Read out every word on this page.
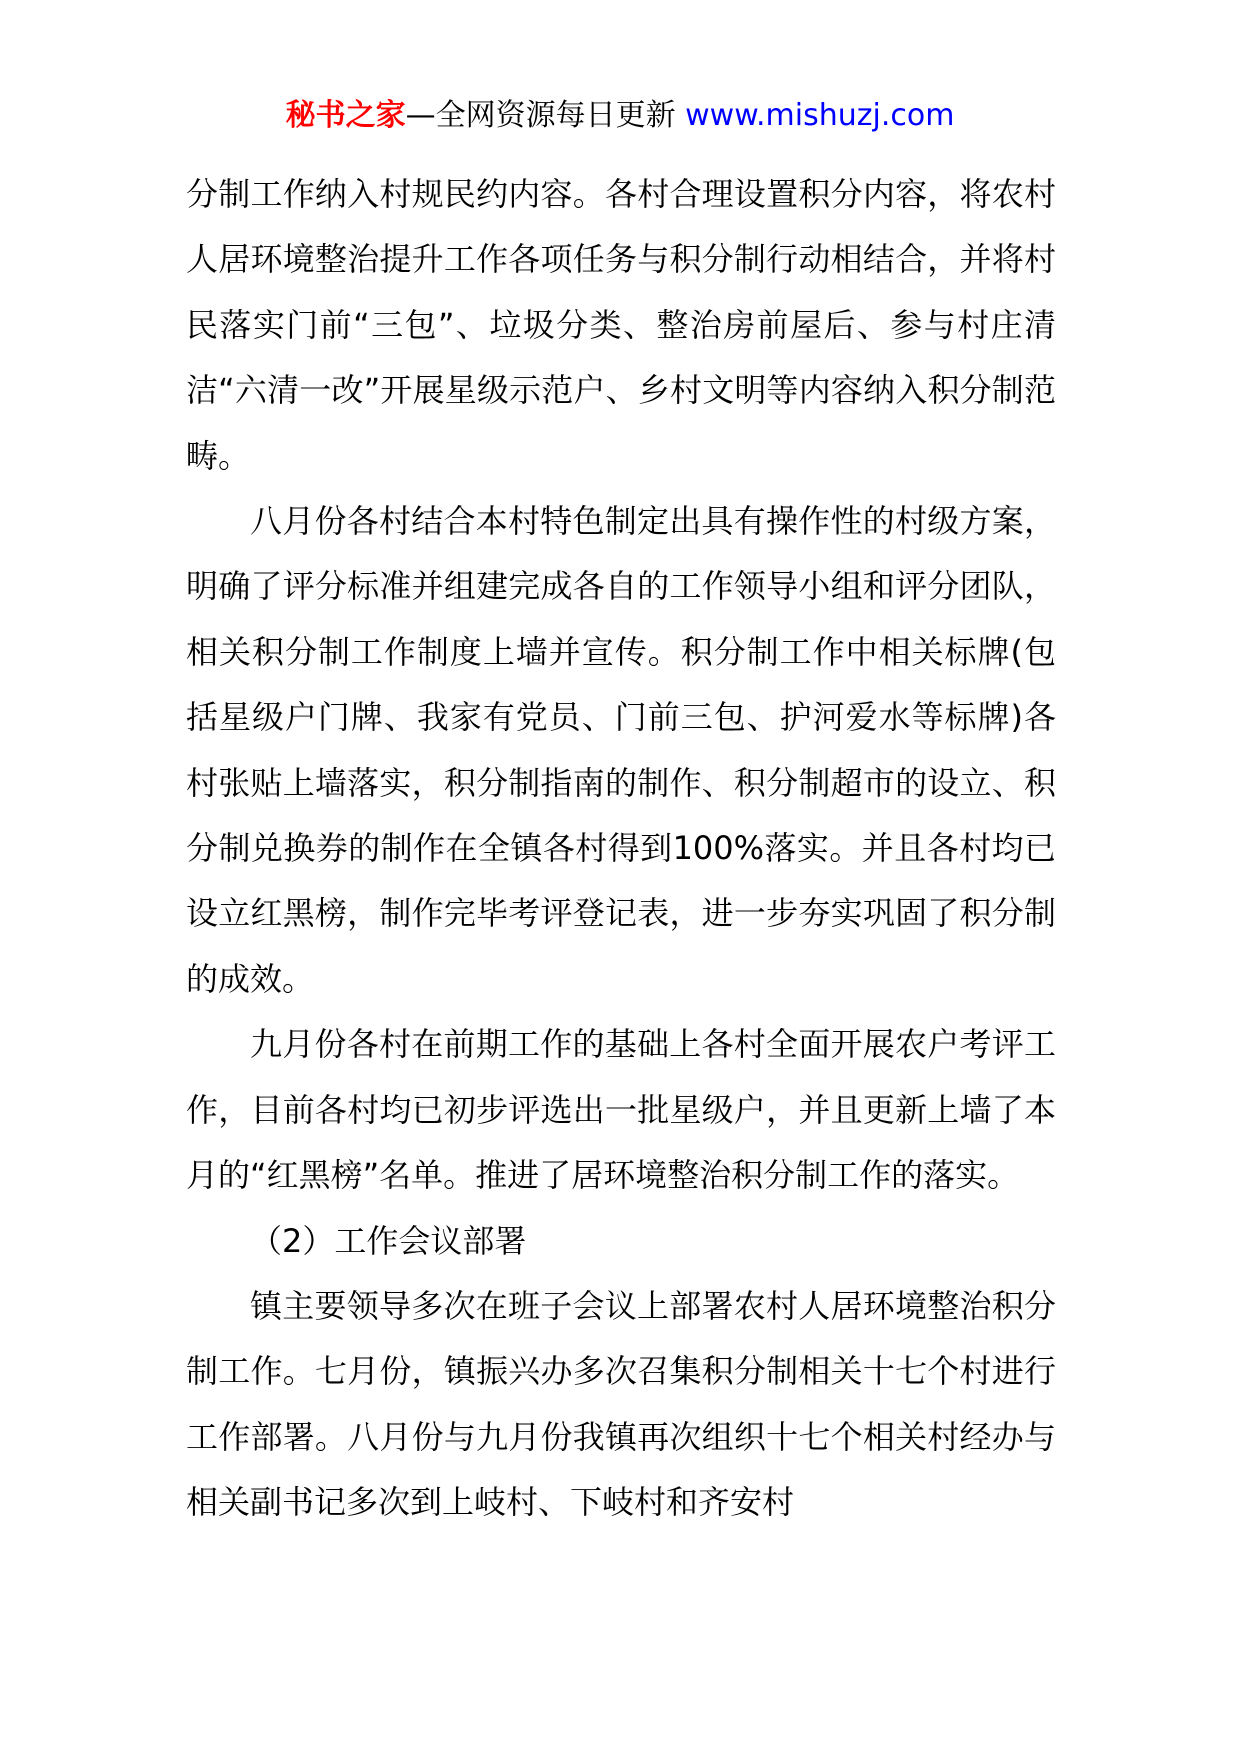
秘书之家—全网资源每日更新 www.mishuzj.com

分制工作纳入村规民约内容。各村合理设置积分内容，将农村人居环境整治提升工作各项任务与积分制行动相结合，并将村民落实门前“三包”、垃圾分类、整治房前屋后、参与村庄清洁“六清一改”开展星级示范户、乡村文明等内容纳入积分制范畴。

八月份各村结合本村特色制定出具有操作性的村级方案，明确了评分标准并组建完成各自的工作领导小组和评分团队，相关积分制工作制度上墙并宣传。积分制工作中相关标牌(包括星级户门牌、我家有党员、门前三包、护河爱水等标牌)各村张贴上墙落实，积分制指南的制作、积分制超市的设立、积分制兑换券的制作在全镇各村得到100%落实。并且各村均已设立红黑榜，制作完毕考评登记表，进一步夯实巩固了积分制的成效。

九月份各村在前期工作的基础上各村全面开展农户考评工作，目前各村均已初步评选出一批星级户，并且更新上墙了本月的“红黑榜”名单。推进了居环境整治积分制工作的落实。

（2）工作会议部署

镇主要领导多次在班子会议上部署农村人居环境整治积分制工作。七月份，镇振兴办多次召集积分制相关十七个村进行工作部署。八月份与九月份我镇再次组织十七个相关村经办与相关副书记多次到上岐村、下岐村和齐安村
